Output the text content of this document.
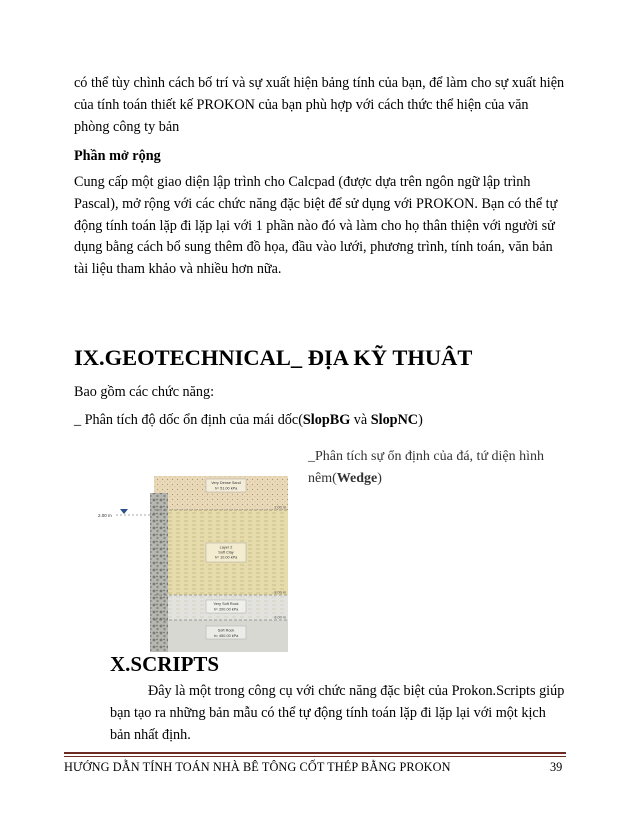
có thể tùy chình cách bố trí và sự xuất hiện bảng tính của bạn, để làm cho sự xuất hiện của tính toán thiết kế PROKON của bạn phù hợp với cách thức thể hiện của văn phòng công ty bản

Phần mở rộng

Cung cấp một giao diện lập trình cho Calcpad (được dựa trên ngôn ngữ lập trình Pascal), mở rộng với các chức năng đặc biệt để sử dụng với PROKON. Bạn có thể tự động tính toán lặp đi lặp lại với 1 phần nào đó và làm cho họ thân thiện với người sử dụng bằng cách bổ sung thêm đồ họa, đầu vào lưới, phương trình, tính toán, văn bản tài liệu tham khảo và nhiều hơn nữa.

IX.GEOTECHNICAL_ ĐỊA KỸ THUÂT

Bao gồm các chức năng:

_ Phân tích độ dốc ổn định của mái dốc(SlopBG và SlopNC)

_Phân tích sự ổn định của đá, tứ diện hình nêm(Wedge)

2.00 m
Very Dense Sand
h= 51.00 kPa
2.00 m
Layer 2
Soft Clay
h= 10.00 kPa
Very Soft Rock
h= 200.00 kPa
8.00 m
Soft Rock
h= 450.00 kPa
8.00 m
X.SCRIPTS

Đây là một trong công cụ với chức năng đặc biệt của Prokon.Scripts giúp bạn tạo ra những bản mẫu có thể tự động tính toán lặp đi lặp lại với một kịch bản nhất định.

HƯỚNG DẪN TÍNH TOÁN NHÀ BÊ TÔNG CỐT THÉP BẰNG PROKON	39
